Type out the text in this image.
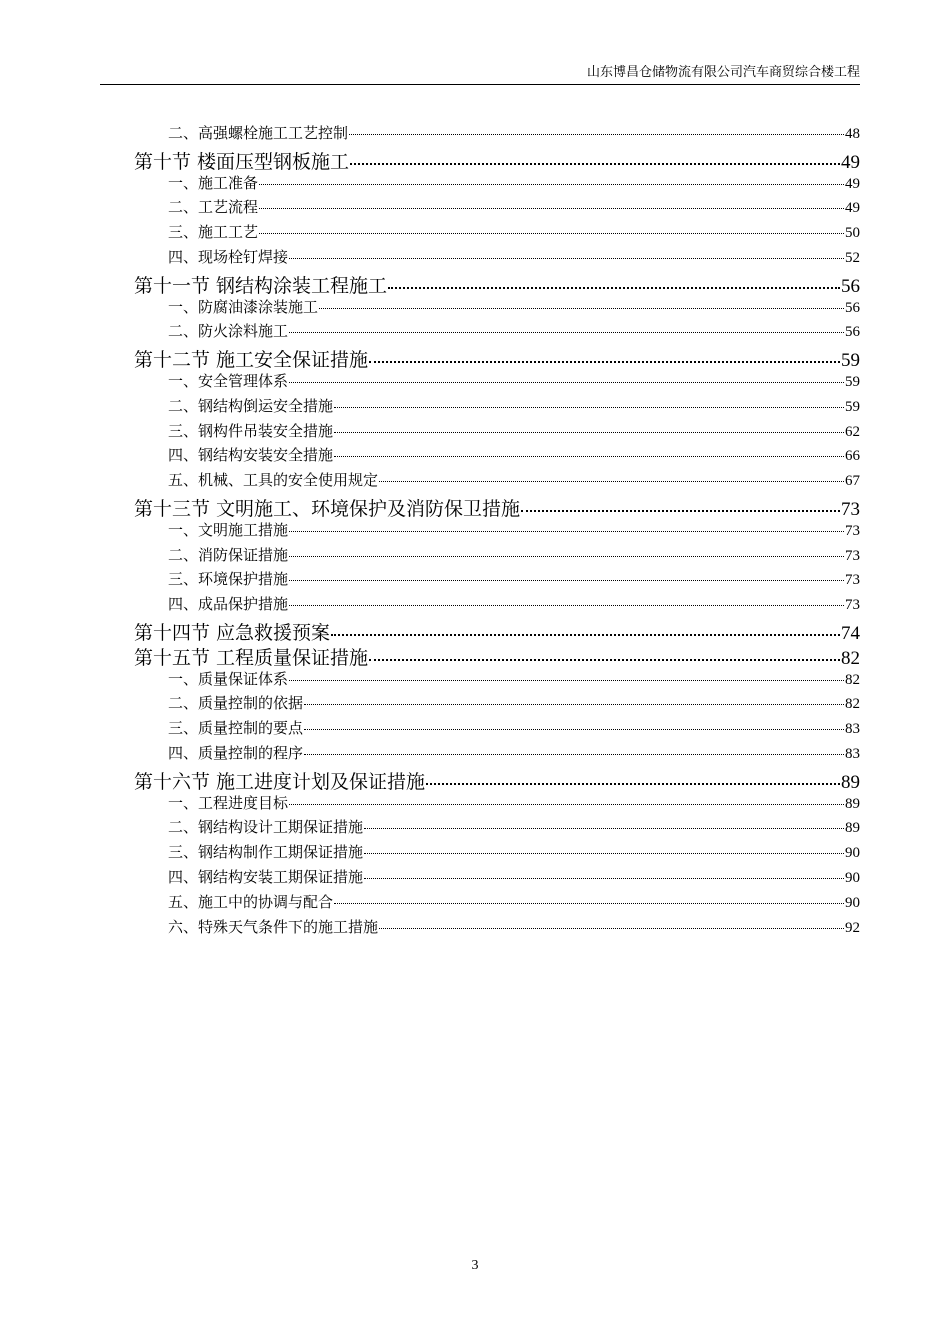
山东博昌仓储物流有限公司汽车商贸综合楼工程
二、高强螺栓施工工艺控制	48
第十节 楼面压型钢板施工	49
一、施工准备	49
二、工艺流程	49
三、施工工艺	50
四、现场栓钉焊接	52
第十一节 钢结构涂装工程施工	56
一、防腐油漆涂装施工	56
二、防火涂料施工	56
第十二节 施工安全保证措施	59
一、安全管理体系	59
二、钢结构倒运安全措施	59
三、钢构件吊装安全措施	62
四、钢结构安装安全措施	66
五、机械、工具的安全使用规定	67
第十三节 文明施工、环境保护及消防保卫措施	73
一、文明施工措施	73
二、消防保证措施	73
三、环境保护措施	73
四、成品保护措施	73
第十四节 应急救援预案	74
第十五节 工程质量保证措施	82
一、质量保证体系	82
二、质量控制的依据	82
三、质量控制的要点	83
四、质量控制的程序	83
第十六节 施工进度计划及保证措施	89
一、工程进度目标	89
二、钢结构设计工期保证措施	89
三、钢结构制作工期保证措施	90
四、钢结构安装工期保证措施	90
五、施工中的协调与配合	90
六、特殊天气条件下的施工措施	92
3
